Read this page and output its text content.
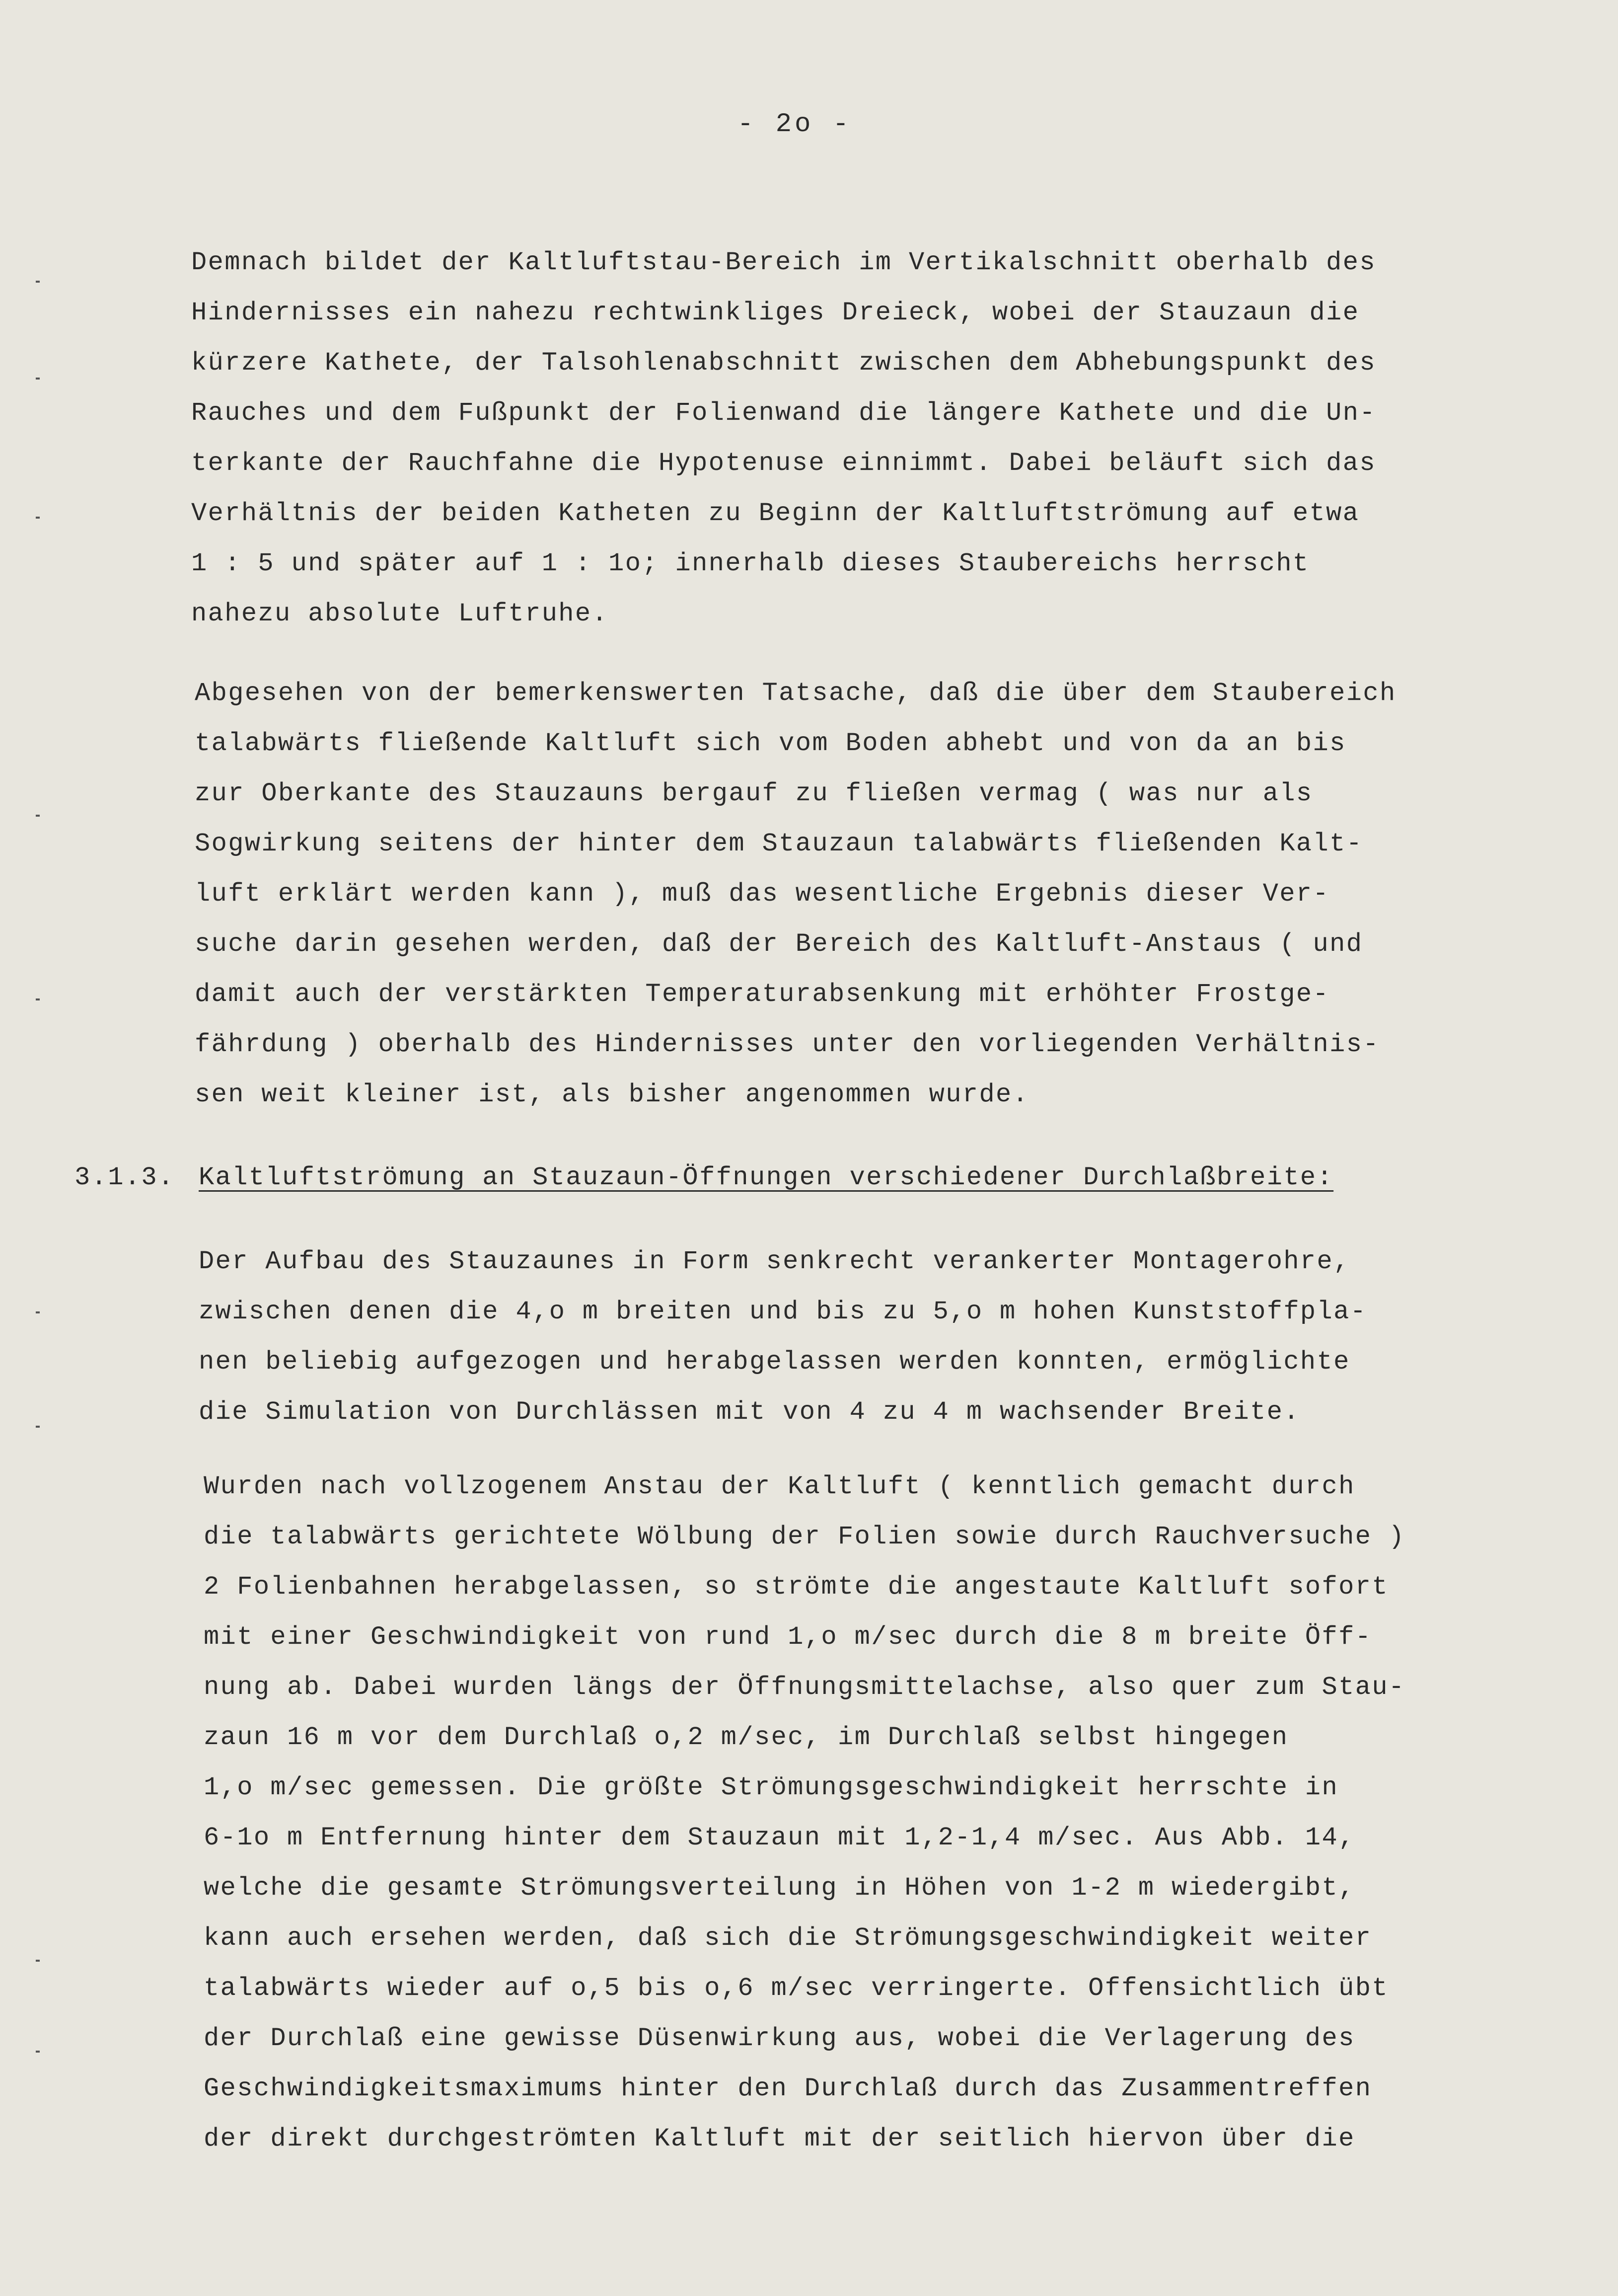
- 2o -
Demnach bildet der Kaltluftstau-Bereich im Vertikalschnitt oberhalb des
Hindernisses ein nahezu rechtwinkliges Dreieck, wobei der Stauzaun die
kürzere Kathete, der Talsohlenabschnitt zwischen dem Abhebungspunkt des
Rauches und dem Fußpunkt der Folienwand die längere Kathete und die Un-
terkante der Rauchfahne die Hypotenuse einnimmt. Dabei beläuft sich das
Verhältnis der beiden Katheten zu Beginn der Kaltluftströmung auf etwa
1 : 5 und später auf 1 : 1o; innerhalb dieses Staubereichs herrscht
nahezu absolute Luftruhe.
Abgesehen von der bemerkenswerten Tatsache, daß die über dem Staubereich
talabwärts fließende Kaltluft sich vom Boden abhebt und von da an bis
zur Oberkante des Stauzauns bergauf zu fließen vermag ( was nur als
Sogwirkung seitens der hinter dem Stauzaun talabwärts fließenden Kalt-
luft erklärt werden kann ), muß das wesentliche Ergebnis dieser Ver-
suche darin gesehen werden, daß der Bereich des Kaltluft-Anstaus ( und
damit auch der verstärkten Temperaturabsenkung mit erhöhter Frostge-
fährdung ) oberhalb des Hindernisses unter den vorliegenden Verhältnis-
sen weit kleiner ist, als bisher angenommen wurde.
3.1.3. Kaltluftströmung an Stauzaun-Öffnungen verschiedener Durchlaßbreite:
Der Aufbau des Stauzaunes in Form senkrecht verankerter Montagerohre,
zwischen denen die 4,o m breiten und bis zu 5,o m hohen Kunststoffpla-
nen beliebig aufgezogen und herabgelassen werden konnten, ermöglichte
die Simulation von Durchlässen mit von 4 zu 4 m wachsender Breite.
Wurden nach vollzogenem Anstau der Kaltluft ( kenntlich gemacht durch
die talabwärts gerichtete Wölbung der Folien sowie durch Rauchversuche )
2 Folienbahnen herabgelassen, so strömte die angestaute Kaltluft sofort
mit einer Geschwindigkeit von rund 1,o m/sec durch die 8 m breite Öff-
nung ab. Dabei wurden längs der Öffnungsmittelachse, also quer zum Stau-
zaun 16 m vor dem Durchlaß o,2 m/sec, im Durchlaß selbst hingegen
1,o m/sec gemessen. Die größte Strömungsgeschwindigkeit herrschte in
6-1o m Entfernung hinter dem Stauzaun mit 1,2-1,4 m/sec. Aus Abb. 14,
welche die gesamte Strömungsverteilung in Höhen von 1-2 m wiedergibt,
kann auch ersehen werden, daß sich die Strömungsgeschwindigkeit weiter
talabwärts wieder auf o,5 bis o,6 m/sec verringerte. Offensichtlich übt
der Durchlaß eine gewisse Düsenwirkung aus, wobei die Verlagerung des
Geschwindigkeitsmaximums hinter den Durchlaß durch das Zusammentreffen
der direkt durchgeströmten Kaltluft mit der seitlich hiervon über die
